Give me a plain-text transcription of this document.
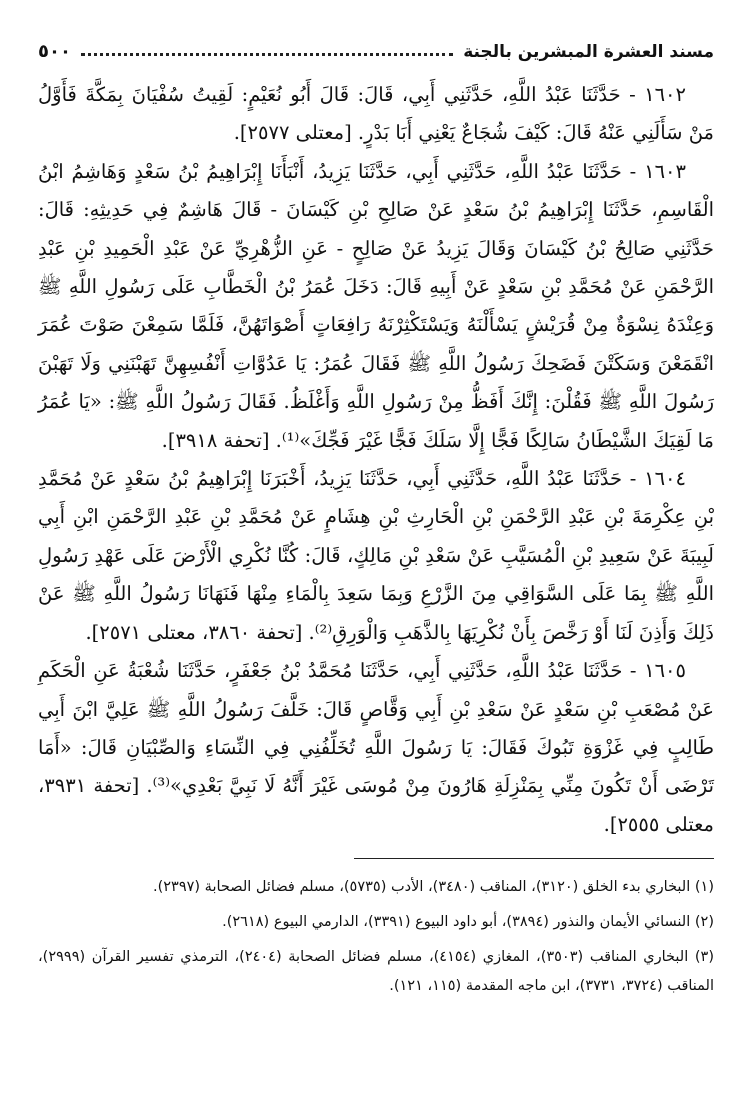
مسند العشرة المبشرين بالجنة
٥٠٠

١٦٠٢ - حَدَّثَنَا عَبْدُ اللَّهِ، حَدَّثَنِي أَبِي، قَالَ: قَالَ أَبُو نُعَيْمٍ: لَقِيتُ سُفْيَانَ بِمَكَّةَ فَأَوَّلُ مَنْ سَأَلَنِي عَنْهُ قَالَ: كَيْفَ شُجَاعٌ يَعْنِي أَبَا بَدْرٍ. [معتلى ٢٥٧٧].

١٦٠٣ - حَدَّثَنَا عَبْدُ اللَّهِ، حَدَّثَنِي أَبِي، حَدَّثَنَا يَزِيدُ، أَنْبَأَنَا إِبْرَاهِيمُ بْنُ سَعْدٍ وَهَاشِمُ ابْنُ الْقَاسِمِ، حَدَّثَنَا إِبْرَاهِيمُ بْنُ سَعْدٍ عَنْ صَالِحِ بْنِ كَيْسَانَ - قَالَ هَاشِمٌ فِي حَدِيثِهِ: قَالَ: حَدَّثَنِي صَالِحُ بْنُ كَيْسَانَ وَقَالَ يَزِيدُ عَنْ صَالِحٍ - عَنِ الزُّهْرِيِّ عَنْ عَبْدِ الْحَمِيدِ بْنِ عَبْدِ الرَّحْمَنِ عَنْ مُحَمَّدِ بْنِ سَعْدٍ عَنْ أَبِيهِ قَالَ: دَخَلَ عُمَرُ بْنُ الْخَطَّابِ عَلَى رَسُولِ اللَّهِ ﷺ وَعِنْدَهُ نِسْوَةٌ مِنْ قُرَيْشٍ يَسْأَلْنَهُ وَيَسْتَكْثِرْنَهُ رَافِعَاتٍ أَصْوَاتَهُنَّ، فَلَمَّا سَمِعْنَ صَوْتَ عُمَرَ انْقَمَعْنَ وَسَكَتْنَ فَضَحِكَ رَسُولُ اللَّهِ ﷺ فَقَالَ عُمَرُ: يَا عَدُوَّاتِ أَنْفُسِهِنَّ تَهَبْنَنِي وَلَا تَهَبْنَ رَسُولَ اللَّهِ ﷺ فَقُلْنَ: إِنَّكَ أَفَظُّ مِنْ رَسُولِ اللَّهِ وَأَغْلَظُ. فَقَالَ رَسُولُ اللَّهِ ﷺ: «يَا عُمَرُ مَا لَقِيَكَ الشَّيْطَانُ سَالِكًا فَجًّا إِلَّا سَلَكَ فَجًّا غَيْرَ فَجِّكَ»⁽¹⁾. [تحفة ٣٩١٨].

١٦٠٤ - حَدَّثَنَا عَبْدُ اللَّهِ، حَدَّثَنِي أَبِي، حَدَّثَنَا يَزِيدُ، أَخْبَرَنَا إِبْرَاهِيمُ بْنُ سَعْدٍ عَنْ مُحَمَّدِ بْنِ عِكْرِمَةَ بْنِ عَبْدِ الرَّحْمَنِ بْنِ الْحَارِثِ بْنِ هِشَامٍ عَنْ مُحَمَّدِ بْنِ عَبْدِ الرَّحْمَنِ ابْنِ أَبِي لَبِيبَةَ عَنْ سَعِيدِ بْنِ الْمُسَيَّبِ عَنْ سَعْدِ بْنِ مَالِكٍ، قَالَ: كُنَّا نُكْرِي الْأَرْضَ عَلَى عَهْدِ رَسُولِ اللَّهِ ﷺ بِمَا عَلَى السَّوَاقِي مِنَ الزَّرْعِ وَبِمَا سَعِدَ بِالْمَاءِ مِنْهَا فَنَهَانَا رَسُولُ اللَّهِ ﷺ عَنْ ذَلِكَ وَأَذِنَ لَنَا أَوْ رَخَّصَ بِأَنْ نُكْرِيَهَا بِالذَّهَبِ وَالْوَرِقِ⁽²⁾. [تحفة ٣٨٦٠، معتلى ٢٥٧١].

١٦٠٥ - حَدَّثَنَا عَبْدُ اللَّهِ، حَدَّثَنِي أَبِي، حَدَّثَنَا مُحَمَّدُ بْنُ جَعْفَرٍ، حَدَّثَنَا شُعْبَةُ عَنِ الْحَكَمِ عَنْ مُصْعَبِ بْنِ سَعْدٍ عَنْ سَعْدِ بْنِ أَبِي وَقَّاصٍ قَالَ: خَلَّفَ رَسُولُ اللَّهِ ﷺ عَلِيَّ ابْنَ أَبِي طَالِبٍ فِي غَزْوَةِ تَبُوكَ فَقَالَ: يَا رَسُولَ اللَّهِ تُخَلِّفُنِي فِي النِّسَاءِ وَالصِّبْيَانِ قَالَ: «أَمَا تَرْضَى أَنْ تَكُونَ مِنِّي بِمَنْزِلَةِ هَارُونَ مِنْ مُوسَى غَيْرَ أَنَّهُ لَا نَبِيَّ بَعْدِي»⁽³⁾. [تحفة ٣٩٣١، معتلى ٢٥٥٥].

(١) البخاري بدء الخلق (٣١٢٠)، المناقب (٣٤٨٠)، الأدب (٥٧٣٥)، مسلم فضائل الصحابة (٢٣٩٧).

(٢) النسائي الأيمان والنذور (٣٨٩٤)، أبو داود البيوع (٣٣٩١)، الدارمي البيوع (٢٦١٨).

(٣) البخاري المناقب (٣٥٠٣)، المغازي (٤١٥٤)، مسلم فضائل الصحابة (٢٤٠٤)، الترمذي تفسير القرآن (٢٩٩٩)، المناقب (٣٧٢٤، ٣٧٣١)، ابن ماجه المقدمة (١١٥، ١٢١).
